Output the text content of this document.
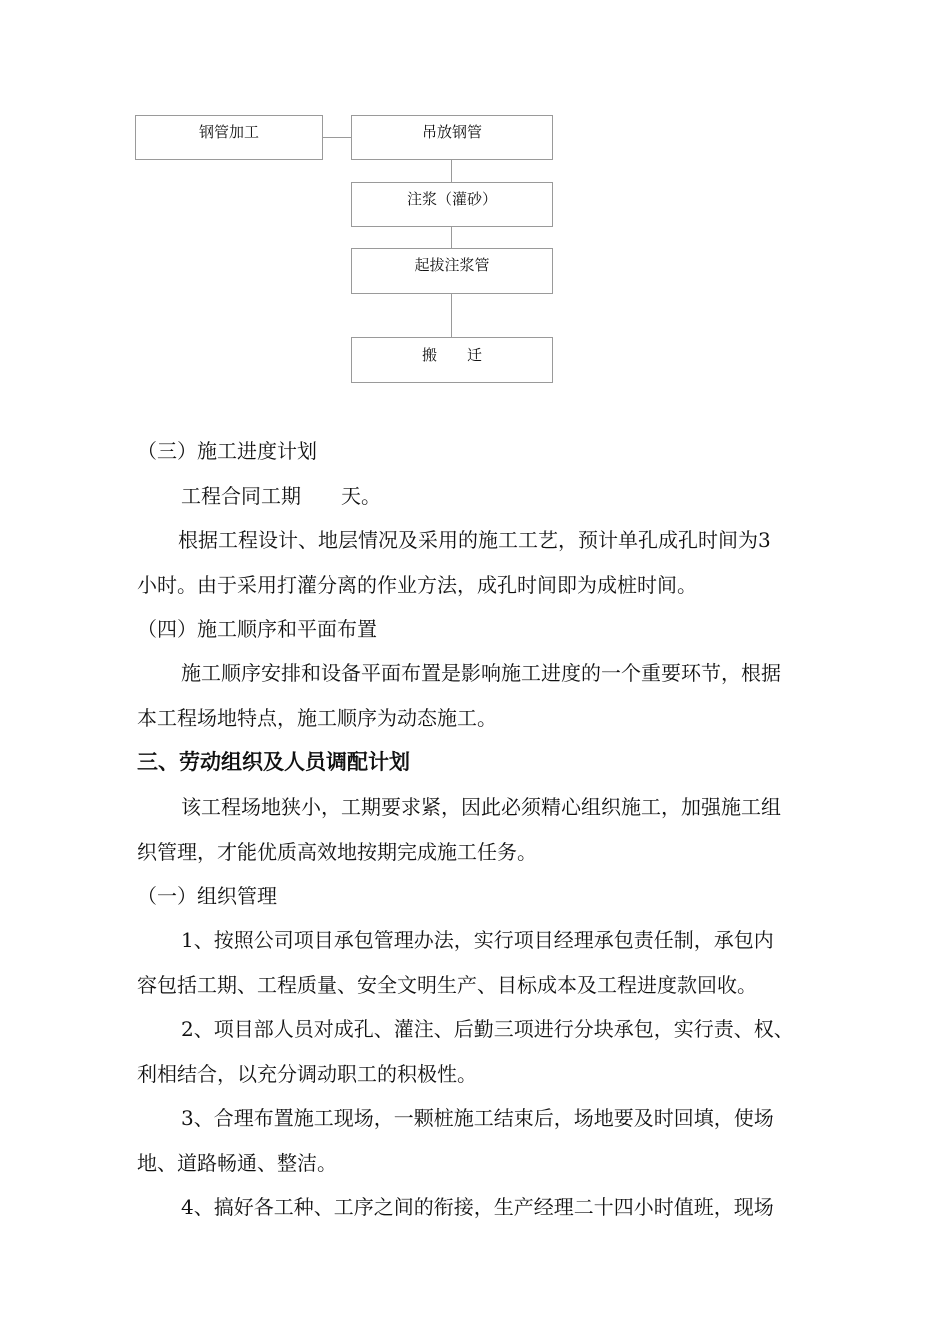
钢管加工	吊放钢管
注浆（灌砂）
起拔注浆管
搬　　迁
（三）施工进度计划
工程合同工期　　天。
根据工程设计、地层情况及采用的施工工艺，预计单孔成孔时间为3
小时。由于采用打灌分离的作业方法，成孔时间即为成桩时间。
（四）施工顺序和平面布置
施工顺序安排和设备平面布置是影响施工进度的一个重要环节，根据
本工程场地特点，施工顺序为动态施工。
三、劳动组织及人员调配计划
该工程场地狭小，工期要求紧，因此必须精心组织施工，加强施工组
织管理，才能优质高效地按期完成施工任务。
（一）组织管理
1、按照公司项目承包管理办法，实行项目经理承包责任制，承包内
容包括工期、工程质量、安全文明生产、目标成本及工程进度款回收。
2、项目部人员对成孔、灌注、后勤三项进行分块承包，实行责、权、
利相结合，以充分调动职工的积极性。
3、合理布置施工现场，一颗桩施工结束后，场地要及时回填，使场
地、道路畅通、整洁。
4、搞好各工种、工序之间的衔接，生产经理二十四小时值班，现场
